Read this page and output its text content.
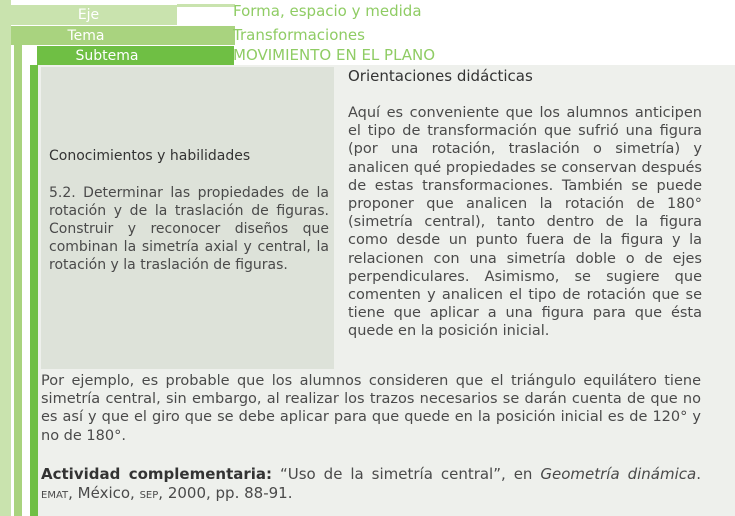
Eje
Tema
Subtema
Forma, espacio y medida
Transformaciones
MOVIMIENTO EN EL PLANO
Conocimientos y habilidades
5.2. Determinar las propiedades de la rotación y de la traslación de figuras. Construir y reconocer diseños que combinan la simetría axial y central, la rotación y la traslación de figuras.
Orientaciones didácticas
Aquí es conveniente que los alumnos anticipen el tipo de transformación que sufrió una figura (por una rotación, traslación o simetría) y analicen qué propiedades se conservan después de estas transformaciones. También se puede proponer que analicen la rotación de 180° (simetría central), tanto dentro de la figura como desde un punto fuera de la figura y la relacionen con una simetría doble o de ejes perpendiculares. Asimismo, se sugiere que comenten y analicen el tipo de rotación que se tiene que aplicar a una figura para que ésta quede en la posición inicial.
Por ejemplo, es probable que los alumnos consideren que el triángulo equilátero tiene simetría central, sin embargo, al realizar los trazos necesarios se darán cuenta de que no es así y que el giro que se debe aplicar para que quede en la posición inicial es de 120° y no de 180°.
Actividad complementaria: “Uso de la simetría central”, en Geometría dinámica. emat, México, sep, 2000, pp. 88-91.
